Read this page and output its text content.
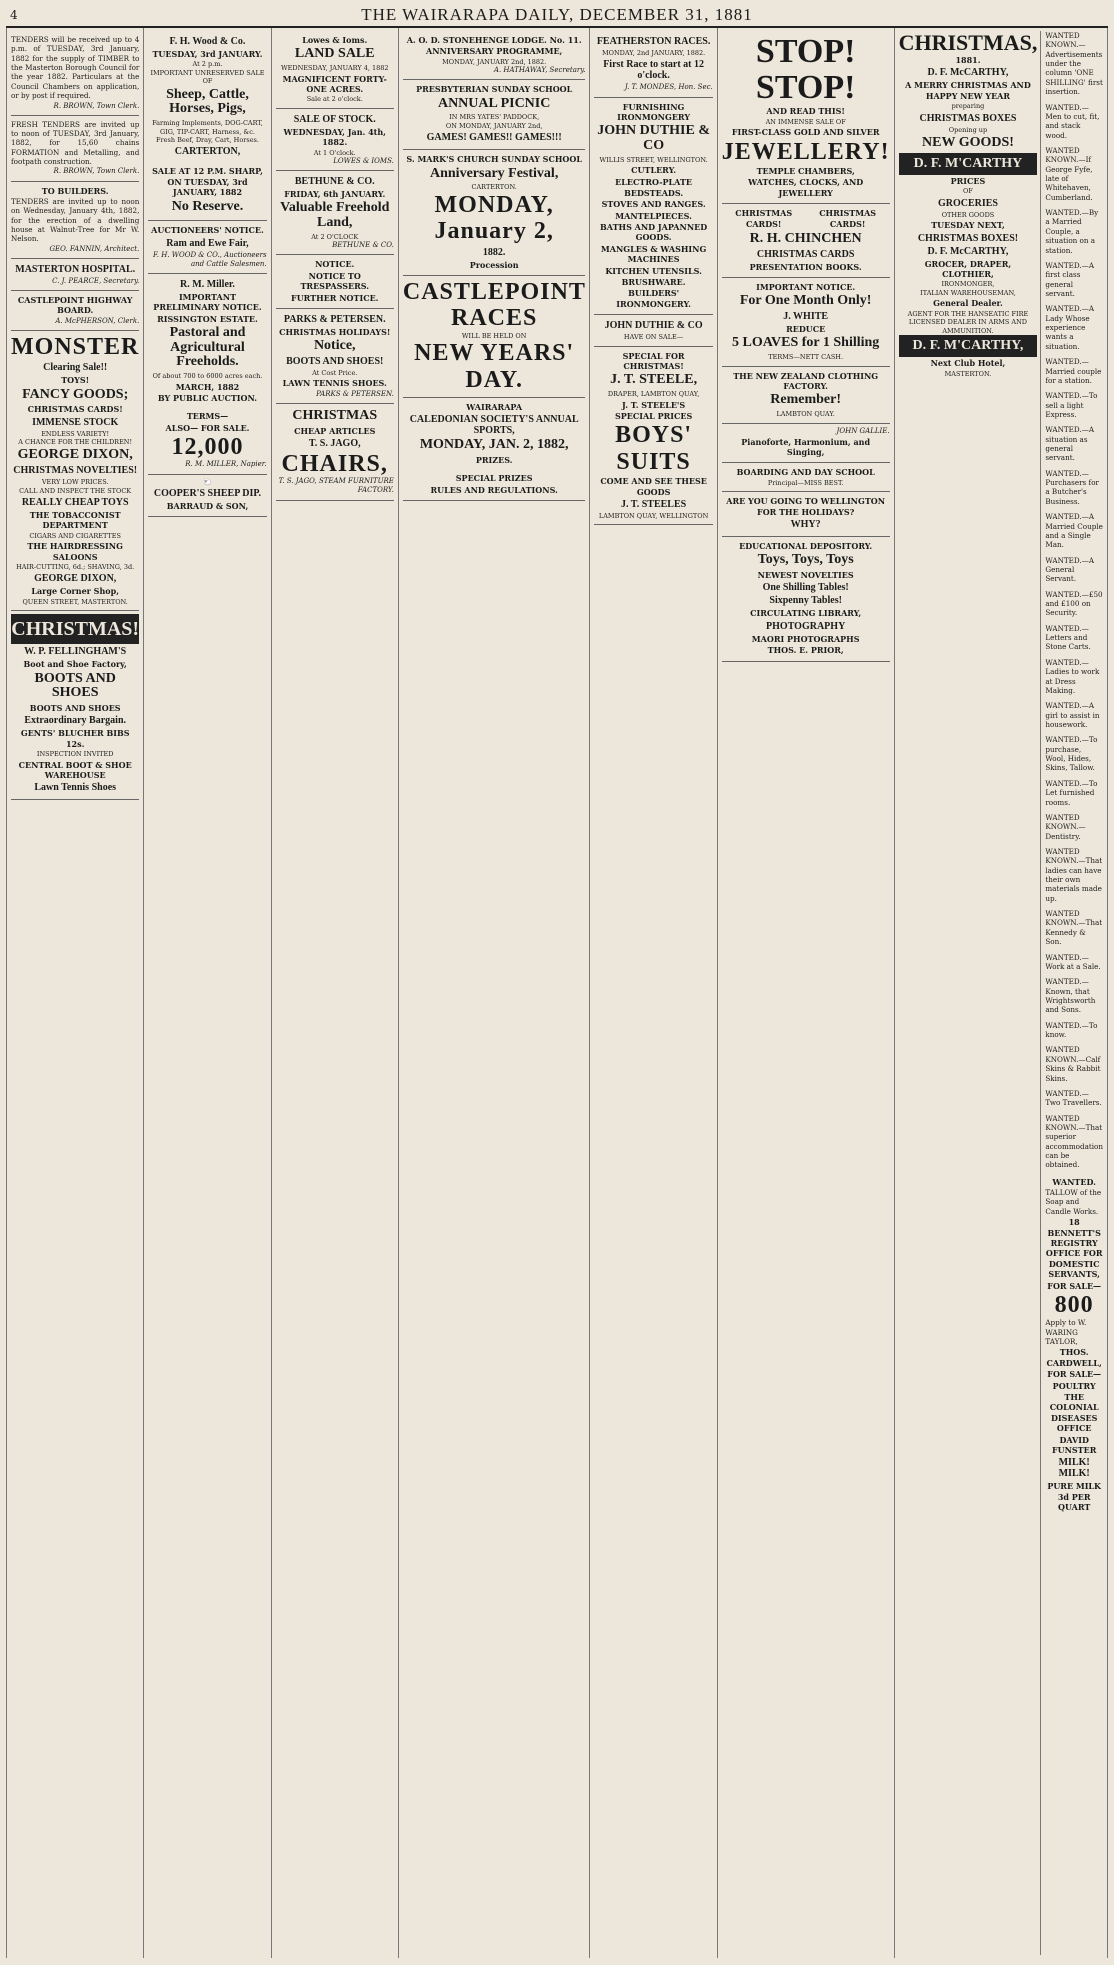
4	THE WAIRARAPA DAILY, DECEMBER 31, 1881

TENDERS will be received up to 4 p.m. of TUESDAY, 3rd January, 1882 for the supply of TIMBER to the Masterton Borough Council for the year 1882. Particulars at the Council Chambers on application, or by post if required.

R. BROWN, Town Clerk.

FRESH TENDERS are invited up to noon of TUESDAY, 3rd January, 1882, for 15,60 chains FORMATION and Metalling, and footpath construction.

R. BROWN, Town Clerk.
TO BUILDERS.

TENDERS are invited up to noon on Wednesday, January 4th, 1882, for the erection of a dwelling house at Walnut-Tree for Mr W. Nelson.

GEO. FANNIN, Architect.
MASTERTON HOSPITAL.
C. J. PEARCE, Secretary.
CASTLEPOINT HIGHWAY BOARD.
A. McPHERSON, Clerk.
MONSTER
Clearing Sale!!
TOYS!
FANCY GOODS;
CHRISTMAS CARDS!
IMMENSE STOCK
ENDLESS VARIETY!
A CHANCE FOR THE CHILDREN!
GEORGE DIXON,
CHRISTMAS NOVELTIES!
VERY LOW PRICES.
CALL AND INSPECT THE STOCK
REALLY CHEAP TOYS
THE TOBACCONIST DEPARTMENT
CIGARS AND CIGARETTES
THE HAIRDRESSING SALOONS
HAIR-CUTTING, 6d.; SHAVING, 3d.
GEORGE DIXON,
Large Corner Shop,
QUEEN STREET, MASTERTON.
CHRISTMAS!
W. P. FELLINGHAM'S
Boot and Shoe Factory,
BOOTS AND SHOES
BOOTS AND SHOES
Extraordinary Bargain.
GENTS' BLUCHER BIBS 12s.
INSPECTION INVITED
CENTRAL BOOT & SHOE WAREHOUSE
Lawn Tennis Shoes
F. H. Wood & Co.
TUESDAY, 3rd JANUARY.
At 2 p.m.
IMPORTANT UNRESERVED SALE OF
Sheep, Cattle, Horses, Pigs,
Farming Implements, DOG-CART, GIG, TIP-CART, Harness, &c.
Fresh Beef, Dray, Cart, Horses.
CARTERTON,
SALE AT 12 P.M. SHARP, ON TUESDAY, 3rd JANUARY, 1882
No Reserve.
AUCTIONEERS' NOTICE.
Ram and Ewe Fair,
F. H. WOOD & CO., Auctioneers and Cattle Salesmen.
R. M. Miller.
IMPORTANT PRELIMINARY NOTICE.
RISSINGTON ESTATE.
Pastoral and Agricultural Freeholds.
Of about 700 to 6000 acres each.
MARCH, 1882
BY PUBLIC AUCTION.
TERMS—
ALSO— FOR SALE.
12,000
R. M. MILLER, Napier.
🐑
COOPER'S SHEEP DIP.
BARRAUD & SON,
Lowes & Ioms.
LAND SALE
WEDNESDAY, JANUARY 4, 1882
MAGNIFICENT FORTY-ONE ACRES.
Sale at 2 o'clock.
SALE OF STOCK.
WEDNESDAY, Jan. 4th, 1882.
At 1 O'clock.
LOWES & IOMS.
BETHUNE & CO.
FRIDAY, 6th JANUARY.
Valuable Freehold Land,
At 2 O'CLOCK
BETHUNE & CO.
NOTICE.
NOTICE TO TRESPASSERS.
FURTHER NOTICE.
PARKS & PETERSEN.
CHRISTMAS HOLIDAYS!
Notice,
BOOTS AND SHOES!
At Cost Price.
LAWN TENNIS SHOES.
PARKS & PETERSEN.
CHRISTMAS
CHEAP ARTICLES
T. S. JAGO,
CHAIRS,
T. S. JAGO, STEAM FURNITURE FACTORY.
A. O. D. STONEHENGE LODGE. No. 11.
ANNIVERSARY PROGRAMME,
MONDAY, JANUARY 2nd, 1882.
A. HATHAWAY, Secretary.
PRESBYTERIAN SUNDAY SCHOOL
ANNUAL PICNIC
IN MRS YATES' PADDOCK,
ON MONDAY, JANUARY 2nd,
GAMES! GAMES!! GAMES!!!
S. MARK'S CHURCH SUNDAY SCHOOL
Anniversary Festival,
CARTERTON.
MONDAY, January 2,
1882.
Procession
CASTLEPOINT RACES
WILL BE HELD ON
NEW YEARS' DAY.
WAIRARAPA
CALEDONIAN SOCIETY'S ANNUAL SPORTS,
MONDAY, JAN. 2, 1882,
PRIZES.
SPECIAL PRIZES
RULES AND REGULATIONS.
FEATHERSTON RACES.
MONDAY, 2nd JANUARY, 1882.
First Race to start at 12 o'clock.
J. T. MONDES, Hon. Sec.
FURNISHING IRONMONGERY
JOHN DUTHIE & CO
WILLIS STREET, WELLINGTON.
CUTLERY.
ELECTRO-PLATE
BEDSTEADS.
STOVES AND RANGES.
MANTELPIECES.
BATHS AND JAPANNED GOODS.
MANGLES & WASHING MACHINES
KITCHEN UTENSILS.
BRUSHWARE.
BUILDERS' IRONMONGERY.
JOHN DUTHIE & CO
HAVE ON SALE—
SPECIAL FOR CHRISTMAS!
J. T. STEELE,
DRAPER, LAMBTON QUAY,
J. T. STEELE'S
SPECIAL PRICES
BOYS' SUITS
COME AND SEE THESE GOODS
J. T. STEELES
LAMBTON QUAY, WELLINGTON
STOP! STOP!
AND READ THIS!
AN IMMENSE SALE OF
FIRST-CLASS GOLD AND SILVER
JEWELLERY!
TEMPLE CHAMBERS,
WATCHES, CLOCKS, AND JEWELLERY
CHRISTMAS CARDS!
CHRISTMAS CARDS!
R. H. CHINCHEN
CHRISTMAS CARDS
PRESENTATION BOOKS.
IMPORTANT NOTICE.
For One Month Only!
J. WHITE
REDUCE
5 LOAVES for 1 Shilling
TERMS—NETT CASH.
THE NEW ZEALAND CLOTHING FACTORY.
Remember!
LAMBTON QUAY.
JOHN GALLIE.
Pianoforte, Harmonium, and Singing,
BOARDING AND DAY SCHOOL
Principal—MISS BEST.
ARE YOU GOING TO WELLINGTON FOR THE HOLIDAYS?
WHY?
EDUCATIONAL DEPOSITORY.
Toys, Toys, Toys
NEWEST NOVELTIES
One Shilling Tables!
Sixpenny Tables!
CIRCULATING LIBRARY,
PHOTOGRAPHY
MAORI PHOTOGRAPHS
THOS. E. PRIOR,
CHRISTMAS,
1881.
D. F. McCARTHY,
A MERRY CHRISTMAS AND HAPPY NEW YEAR
preparing
CHRISTMAS BOXES
Opening up
NEW GOODS!
D. F. M'CARTHY
PRICES
OF
GROCERIES
OTHER GOODS
TUESDAY NEXT,
CHRISTMAS BOXES!
D. F. McCARTHY,
GROCER, DRAPER, CLOTHIER,
IRONMONGER,
ITALIAN WAREHOUSEMAN,
General Dealer.
AGENT FOR THE HANSEATIC FIRE
LICENSED DEALER IN ARMS AND AMMUNITION.
D. F. M'CARTHY,
Next Club Hotel,
MASTERTON.

WANTED KNOWN.—Advertisements under the column 'ONE SHILLING' first insertion.

WANTED.—Men to cut, fit, and stack wood.

WANTED KNOWN.—If George Fyfe, late of Whitehaven, Cumberland.

WANTED.—By a Married Couple, a situation on a station.

WANTED.—A first class general servant.

WANTED.—A Lady Whose experience wants a situation.

WANTED.—Married couple for a station.

WANTED.—To sell a light Express.

WANTED.—A situation as general servant.

WANTED.—Purchasers for a Butcher's Business.

WANTED.—A Married Couple and a Single Man.

WANTED.—A General Servant.

WANTED.—£50 and £100 on Security.

WANTED.—Letters and Stone Carts.

WANTED.—Ladies to work at Dress Making.

WANTED.—A girl to assist in housework.

WANTED.—To purchase, Wool, Hides, Skins, Tallow.

WANTED.—To Let furnished rooms.

WANTED KNOWN.—Dentistry.

WANTED KNOWN.—That ladies can have their own materials made up.

WANTED KNOWN.—That Kennedy & Son.

WANTED.—Work at a Sale.

WANTED.—Known, that Wrightsworth and Sons.

WANTED.—To know.

WANTED KNOWN.—Calf Skins & Rabbit Skins.

WANTED.—Two Travellers.

WANTED KNOWN.—That superior accommodation can be obtained.

WANTED.

TALLOW of the Soap and Candle Works.

18 BENNETT'S REGISTRY OFFICE FOR DOMESTIC SERVANTS,
FOR SALE—
800

Apply to W. WARING TAYLOR,

THOS. CARDWELL,
FOR SALE—
POULTRY
THE COLONIAL DISEASES OFFICE
DAVID FUNSTER
MILK! MILK!
PURE MILK 3d PER QUART
